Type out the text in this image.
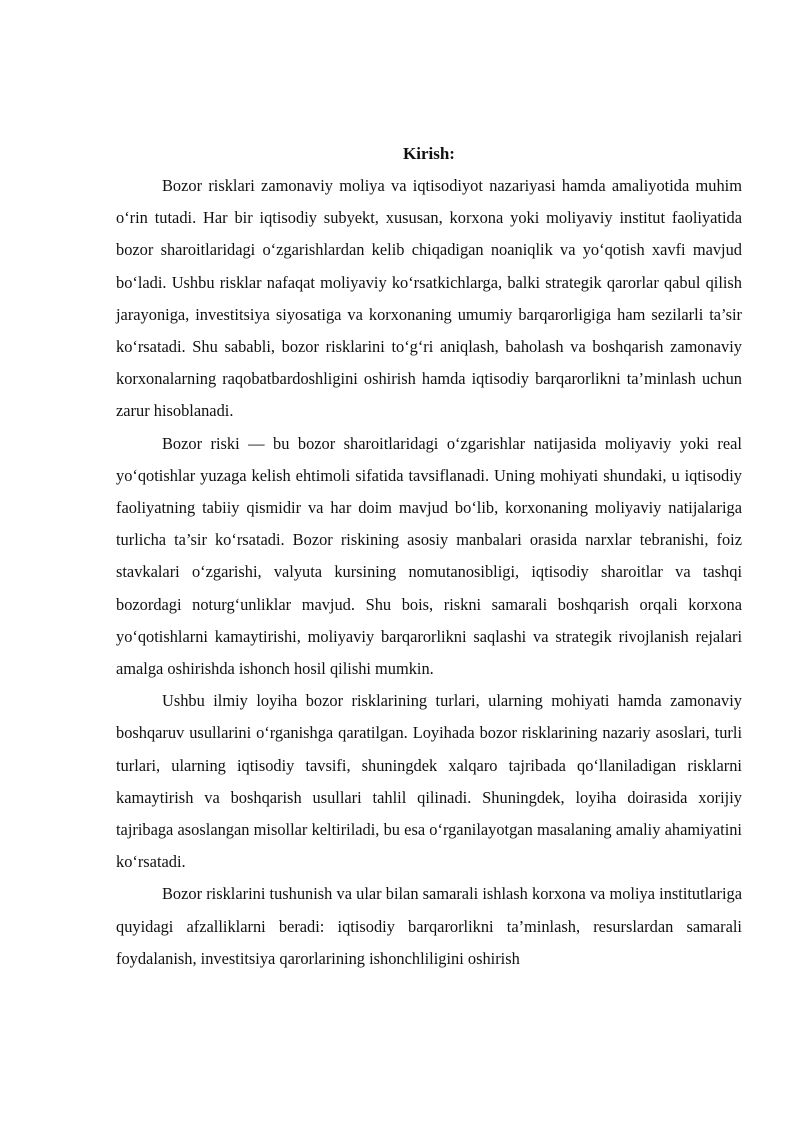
Kirish:

Bozor risklari zamonaviy moliya va iqtisodiyot nazariyasi hamda amaliyotida muhim o‘rin tutadi. Har bir iqtisodiy subyekt, xususan, korxona yoki moliyaviy institut faoliyatida bozor sharoitlaridagi o‘zgarishlardan kelib chiqadigan noaniqlik va yo‘qotish xavfi mavjud bo‘ladi. Ushbu risklar nafaqat moliyaviy ko‘rsatkichlarga, balki strategik qarorlar qabul qilish jarayoniga, investitsiya siyosatiga va korxonaning umumiy barqarorligiga ham sezilarli ta’sir ko‘rsatadi. Shu sababli, bozor risklarini to‘g‘ri aniqlash, baholash va boshqarish zamonaviy korxonalarning raqobatbardoshligini oshirish hamda iqtisodiy barqarorlikni ta’minlash uchun zarur hisoblanadi.

Bozor riski — bu bozor sharoitlaridagi o‘zgarishlar natijasida moliyaviy yoki real yo‘qotishlar yuzaga kelish ehtimoli sifatida tavsiflanadi. Uning mohiyati shundaki, u iqtisodiy faoliyatning tabiiy qismidir va har doim mavjud bo‘lib, korxonaning moliyaviy natijalariga turlicha ta’sir ko‘rsatadi. Bozor riskining asosiy manbalari orasida narxlar tebranishi, foiz stavkalari o‘zgarishi, valyuta kursining nomutanosibligi, iqtisodiy sharoitlar va tashqi bozordagi noturg‘unliklar mavjud. Shu bois, riskni samarali boshqarish orqali korxona yo‘qotishlarni kamaytirishi, moliyaviy barqarorlikni saqlashi va strategik rivojlanish rejalari amalga oshirishda ishonch hosil qilishi mumkin.

Ushbu ilmiy loyiha bozor risklarining turlari, ularning mohiyati hamda zamonaviy boshqaruv usullarini o‘rganishga qaratilgan. Loyihada bozor risklarining nazariy asoslari, turli turlari, ularning iqtisodiy tavsifi, shuningdek xalqaro tajribada qo‘llaniladigan risklarni kamaytirish va boshqarish usullari tahlil qilinadi. Shuningdek, loyiha doirasida xorijiy tajribaga asoslangan misollar keltiriladi, bu esa o‘rganilayotgan masalaning amaliy ahamiyatini ko‘rsatadi.

Bozor risklarini tushunish va ular bilan samarali ishlash korxona va moliya institutlariga quyidagi afzalliklarni beradi: iqtisodiy barqarorlikni ta’minlash, resurslardan samarali foydalanish, investitsiya qarorlarining ishonchliligini oshirish
